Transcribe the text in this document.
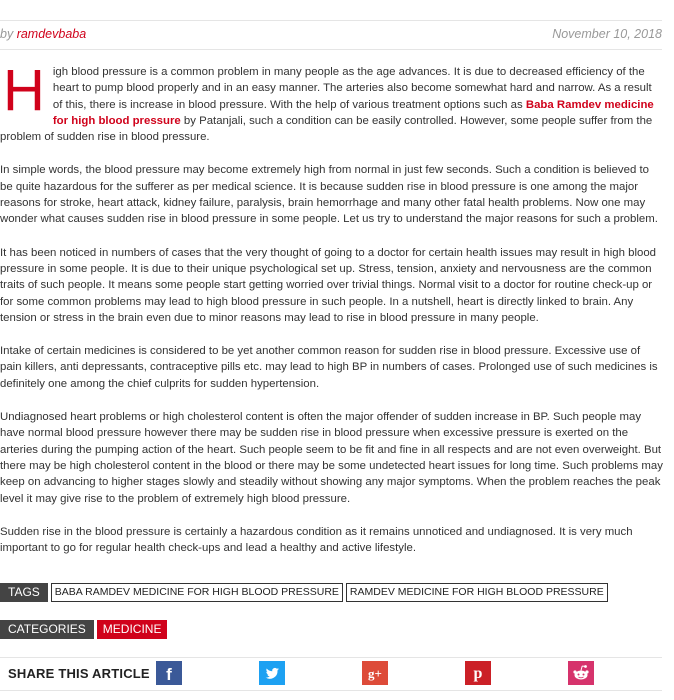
by ramdevbaba	November 10, 2018

High blood pressure is a common problem in many people as the age advances. It is due to decreased efficiency of the heart to pump blood properly and in an easy manner. The arteries also become somewhat hard and narrow. As a result of this, there is increase in blood pressure. With the help of various treatment options such as Baba Ramdev medicine for high blood pressure by Patanjali, such a condition can be easily controlled. However, some people suffer from the problem of sudden rise in blood pressure.

In simple words, the blood pressure may become extremely high from normal in just few seconds. Such a condition is believed to be quite hazardous for the sufferer as per medical science. It is because sudden rise in blood pressure is one among the major reasons for stroke, heart attack, kidney failure, paralysis, brain hemorrhage and many other fatal health problems. Now one may wonder what causes sudden rise in blood pressure in some people. Let us try to understand the major reasons for such a problem.

It has been noticed in numbers of cases that the very thought of going to a doctor for certain health issues may result in high blood pressure in some people. It is due to their unique psychological set up. Stress, tension, anxiety and nervousness are the common traits of such people. It means some people start getting worried over trivial things. Normal visit to a doctor for routine check-up or for some common problems may lead to high blood pressure in such people. In a nutshell, heart is directly linked to brain. Any tension or stress in the brain even due to minor reasons may lead to rise in blood pressure in many people.

Intake of certain medicines is considered to be yet another common reason for sudden rise in blood pressure. Excessive use of pain killers, anti depressants, contraceptive pills etc. may lead to high BP in numbers of cases. Prolonged use of such medicines is definitely one among the chief culprits for sudden hypertension.

Undiagnosed heart problems or high cholesterol content is often the major offender of sudden increase in BP. Such people may have normal blood pressure however there may be sudden rise in blood pressure when excessive pressure is exerted on the arteries during the pumping action of the heart. Such people seem to be fit and fine in all respects and are not even overweight. But there may be high cholesterol content in the blood or there may be some undetected heart issues for long time. Such problems may keep on advancing to higher stages slowly and steadily without showing any major symptoms. When the problem reaches the peak level it may give rise to the problem of extremely high blood pressure.

Sudden rise in the blood pressure is certainly a hazardous condition as it remains unnoticed and undiagnosed. It is very much important to go for regular health check-ups and lead a healthy and active lifestyle.

TAGS	BABA RAMDEV MEDICINE FOR HIGH BLOOD PRESSURE	RAMDEV MEDICINE FOR HIGH BLOOD PRESSURE
CATEGORIES	MEDICINE
SHARE THIS ARTICLE f	g+	p
